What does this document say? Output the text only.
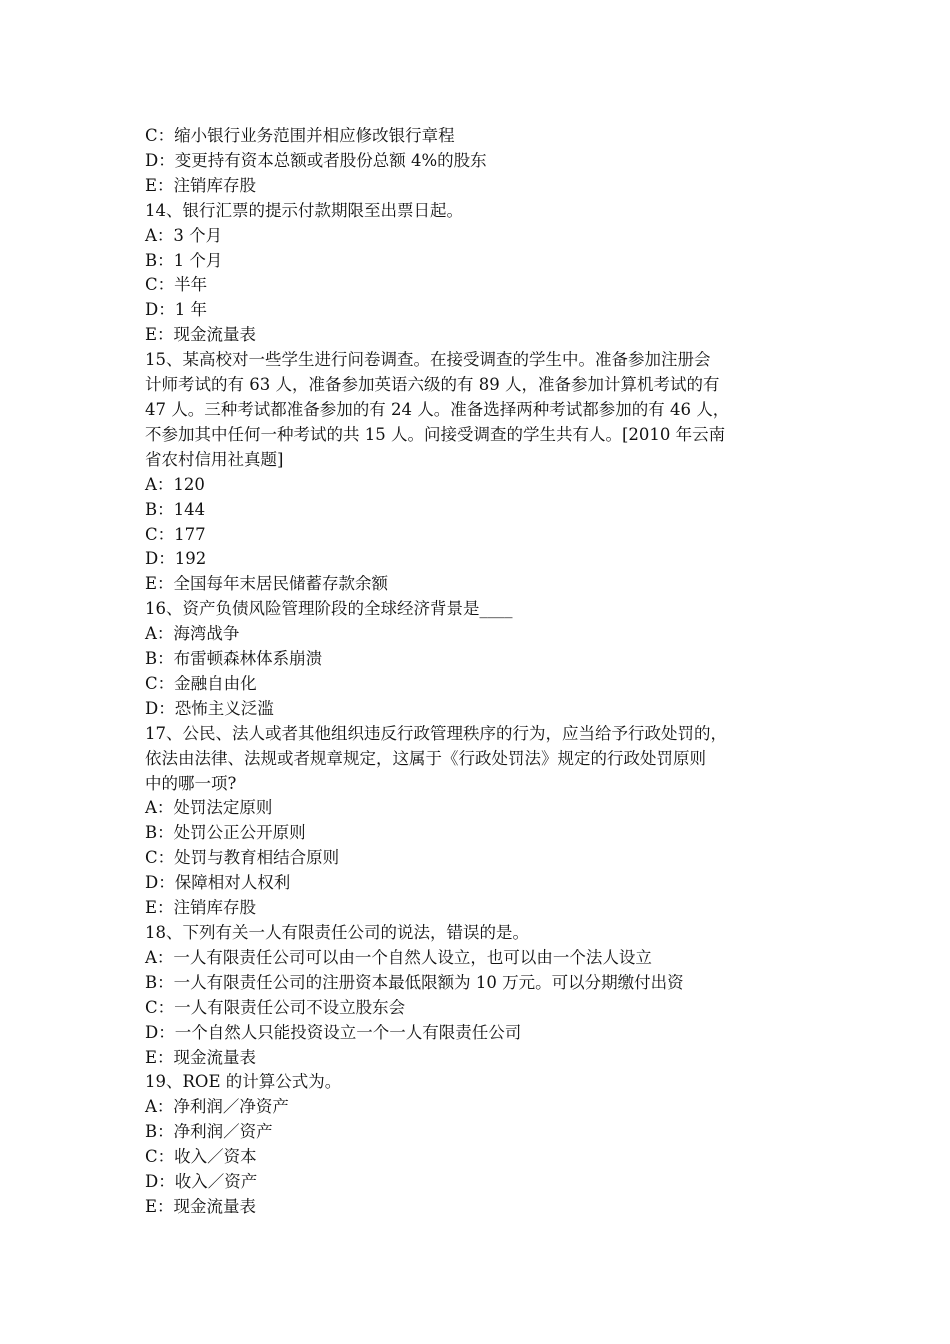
C：缩小银行业务范围并相应修改银行章程

D：变更持有资本总额或者股份总额 4%的股东

E：注销库存股

14、银行汇票的提示付款期限至出票日起。

A：3 个月

B：1 个月

C：半年

D：1 年

E：现金流量表

15、某高校对一些学生进行问卷调查。在接受调查的学生中。准备参加注册会

计师考试的有 63 人，准备参加英语六级的有 89 人，准备参加计算机考试的有

47 人。三种考试都准备参加的有 24 人。准备选择两种考试都参加的有 46 人，

不参加其中任何一种考试的共 15 人。问接受调查的学生共有人。[2010 年云南

省农村信用社真题]

A：120

B：144

C：177

D：192

E：全国每年末居民储蓄存款余额

16、资产负债风险管理阶段的全球经济背景是____

A：海湾战争

B：布雷顿森林体系崩溃

C：金融自由化

D：恐怖主义泛滥

17、公民、法人或者其他组织违反行政管理秩序的行为，应当给予行政处罚的，

依法由法律、法规或者规章规定，这属于《行政处罚法》规定的行政处罚原则

中的哪一项?

A：处罚法定原则

B：处罚公正公开原则

C：处罚与教育相结合原则

D：保障相对人权利

E：注销库存股

18、下列有关一人有限责任公司的说法，错误的是。

A：一人有限责任公司可以由一个自然人设立，也可以由一个法人设立

B：一人有限责任公司的注册资本最低限额为 10 万元。可以分期缴付出资

C：一人有限责任公司不设立股东会

D：一个自然人只能投资设立一个一人有限责任公司

E：现金流量表

19、ROE 的计算公式为。

A：净利润／净资产

B：净利润／资产

C：收入／资本

D：收入／资产

E：现金流量表
